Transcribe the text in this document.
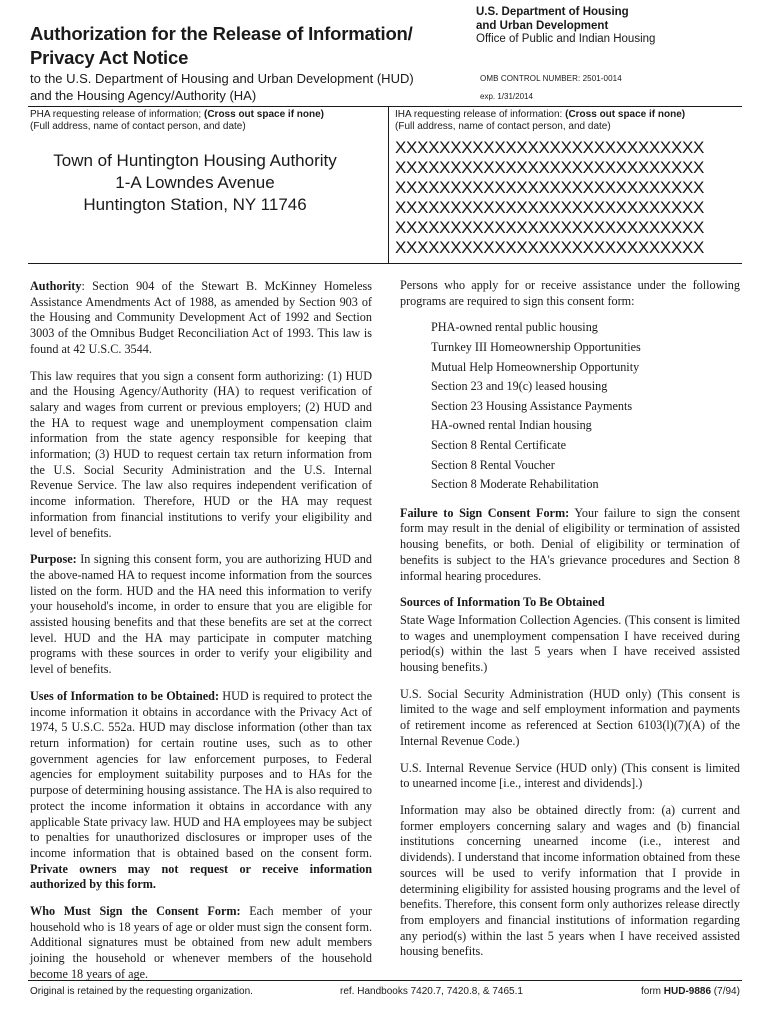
Authorization for the Release of Information/
Privacy Act Notice
to the U.S. Department of Housing and Urban Development (HUD)
and the Housing Agency/Authority (HA)
U.S. Department of Housing
and Urban Development
Office of Public and Indian Housing
OMB CONTROL NUMBER: 2501-0014
exp. 1/31/2014
PHA requesting release of information; (Cross out space if none)
(Full address, name of contact person, and date)
Town of Huntington Housing Authority
1-A Lowndes Avenue
Huntington Station, NY 11746
IHA requesting release of information: (Cross out space if none)
(Full address, name of contact person, and date)
XXXXXXXXXXXXXXXXXXXXXXXXXXXX
XXXXXXXXXXXXXXXXXXXXXXXXXXXX
XXXXXXXXXXXXXXXXXXXXXXXXXXXX
XXXXXXXXXXXXXXXXXXXXXXXXXXXX
XXXXXXXXXXXXXXXXXXXXXXXXXXXX
XXXXXXXXXXXXXXXXXXXXXXXXXXXX

Authority: Section 904 of the Stewart B. McKinney Homeless Assistance Amendments Act of 1988, as amended by Section 903 of the Housing and Community Development Act of 1992 and Section 3003 of the Omnibus Budget Reconciliation Act of 1993. This law is found at 42 U.S.C. 3544.

This law requires that you sign a consent form authorizing: (1) HUD and the Housing Agency/Authority (HA) to request verification of salary and wages from current or previous employers; (2) HUD and the HA to request wage and unemployment compensation claim information from the state agency responsible for keeping that information; (3) HUD to request certain tax return information from the U.S. Social Security Administration and the U.S. Internal Revenue Service. The law also requires independent verification of income information. Therefore, HUD or the HA may request information from financial institutions to verify your eligibility and level of benefits.

Purpose: In signing this consent form, you are authorizing HUD and the above-named HA to request income information from the sources listed on the form. HUD and the HA need this information to verify your household's income, in order to ensure that you are eligible for assisted housing benefits and that these benefits are set at the correct level. HUD and the HA may participate in computer matching programs with these sources in order to verify your eligibility and level of benefits.

Uses of Information to be Obtained: HUD is required to protect the income information it obtains in accordance with the Privacy Act of 1974, 5 U.S.C. 552a. HUD may disclose information (other than tax return information) for certain routine uses, such as to other government agencies for law enforcement purposes, to Federal agencies for employment suitability purposes and to HAs for the purpose of determining housing assistance. The HA is also required to protect the income information it obtains in accordance with any applicable State privacy law. HUD and HA employees may be subject to penalties for unauthorized disclosures or improper uses of the income information that is obtained based on the consent form. Private owners may not request or receive information authorized by this form.

Who Must Sign the Consent Form: Each member of your household who is 18 years of age or older must sign the consent form. Additional signatures must be obtained from new adult members joining the household or whenever members of the household become 18 years of age.

Persons who apply for or receive assistance under the following programs are required to sign this consent form:

PHA-owned rental public housing
Turnkey III Homeownership Opportunities
Mutual Help Homeownership Opportunity
Section 23 and 19(c) leased housing
Section 23 Housing Assistance Payments
HA-owned rental Indian housing
Section 8 Rental Certificate
Section 8 Rental Voucher
Section 8 Moderate Rehabilitation

Failure to Sign Consent Form: Your failure to sign the consent form may result in the denial of eligibility or termination of assisted housing benefits, or both. Denial of eligibility or termination of benefits is subject to the HA's grievance procedures and Section 8 informal hearing procedures.

Sources of Information To Be Obtained

State Wage Information Collection Agencies. (This consent is limited to wages and unemployment compensation I have received during period(s) within the last 5 years when I have received assisted housing benefits.)

U.S. Social Security Administration (HUD only) (This consent is limited to the wage and self employment information and payments of retirement income as referenced at Section 6103(l)(7)(A) of the Internal Revenue Code.)

U.S. Internal Revenue Service (HUD only) (This consent is limited to unearned income [i.e., interest and dividends].)

Information may also be obtained directly from: (a) current and former employers concerning salary and wages and (b) financial institutions concerning unearned income (i.e., interest and dividends). I understand that income information obtained from these sources will be used to verify information that I provide in determining eligibility for assisted housing programs and the level of benefits. Therefore, this consent form only authorizes release directly from employers and financial institutions of information regarding any period(s) within the last 5 years when I have received assisted housing benefits.

Original is retained by the requesting organization.	ref. Handbooks 7420.7, 7420.8, & 7465.1	form HUD-9886 (7/94)
